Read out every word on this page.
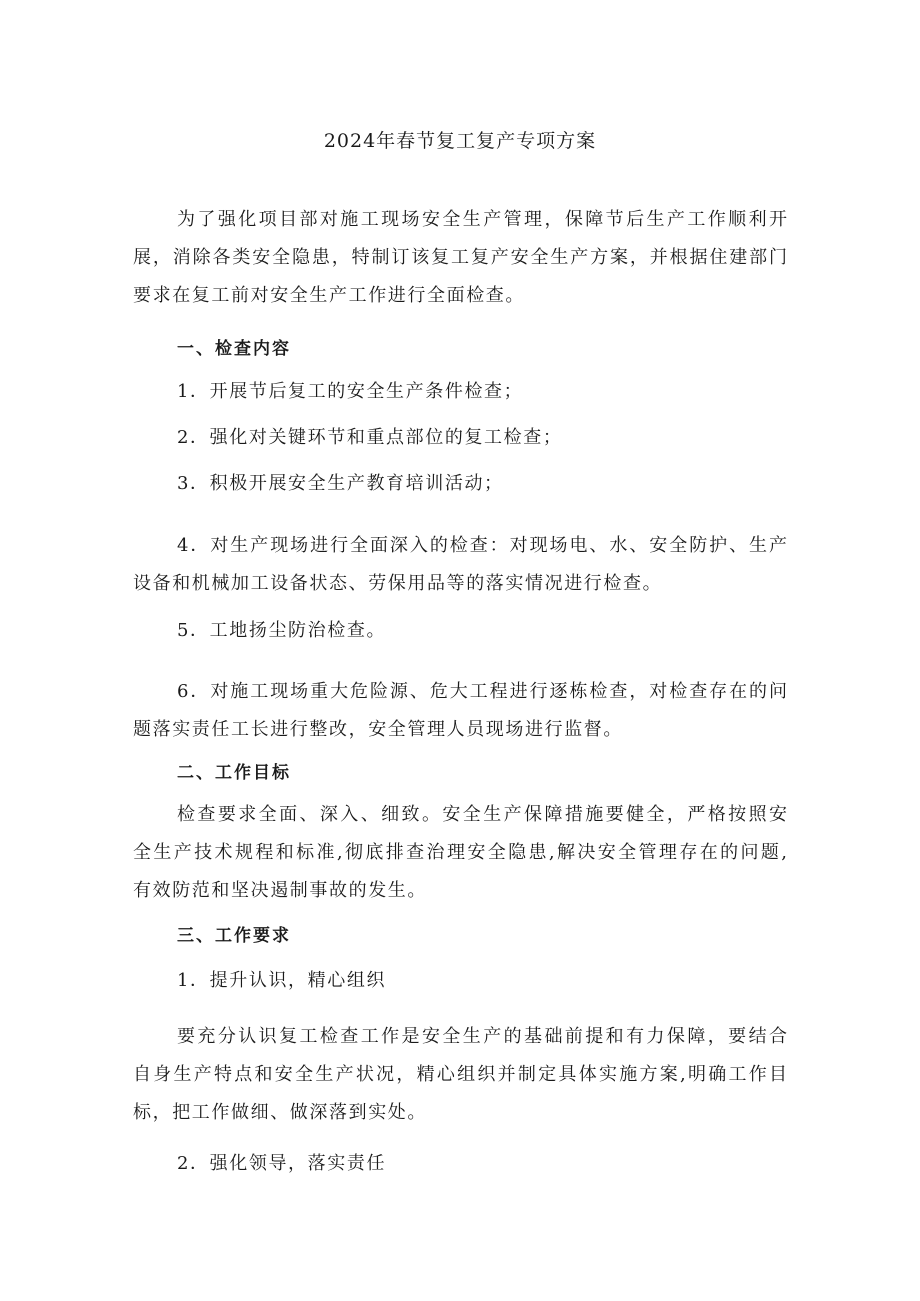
2024年春节复工复产专项方案
为了强化项目部对施工现场安全生产管理，保障节后生产工作顺利开
展，消除各类安全隐患，特制订该复工复产安全生产方案，并根据住建部门
要求在复工前对安全生产工作进行全面检查。
一、检查内容
1．开展节后复工的安全生产条件检查；
2．强化对关键环节和重点部位的复工检查；
3．积极开展安全生产教育培训活动；
4．对生产现场进行全面深入的检查：对现场电、水、安全防护、生产
设备和机械加工设备状态、劳保用品等的落实情况进行检查。
5．工地扬尘防治检查。
6．对施工现场重大危险源、危大工程进行逐栋检查，对检查存在的问
题落实责任工长进行整改，安全管理人员现场进行监督。
二、工作目标
检查要求全面、深入、细致。安全生产保障措施要健全，严格按照安
全生产技术规程和标准,彻底排查治理安全隐患,解决安全管理存在的问题,
有效防范和坚决遏制事故的发生。
三、工作要求
1．提升认识，精心组织
要充分认识复工检查工作是安全生产的基础前提和有力保障，要结合
自身生产特点和安全生产状况，精心组织并制定具体实施方案,明确工作目
标，把工作做细、做深落到实处。
2．强化领导，落实责任
